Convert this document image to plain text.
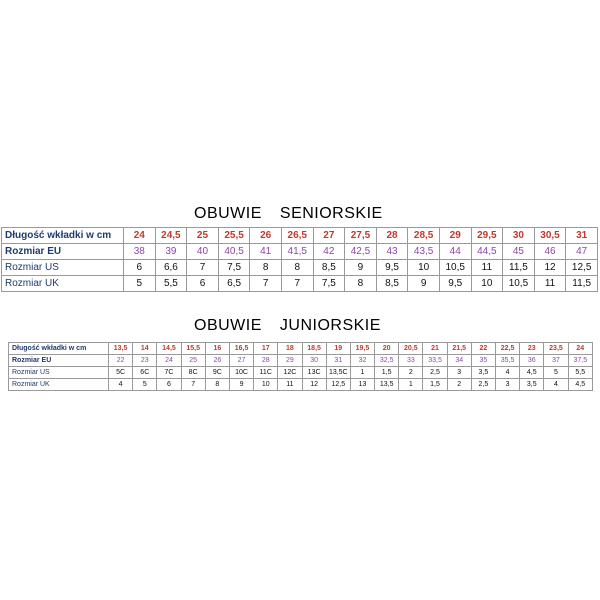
OBUWIE SENIORSKIE
Długość wkładki w cm	24	24,5	25	25,5	26	26,5	27	27,5	28	28,5	29	29,5	30	30,5	31
Rozmiar EU	38	39	40	40,5	41	41,5	42	42,5	43	43,5	44	44,5	45	46	47
Rozmiar US	6	6,6	7	7,5	8	8	8,5	9	9,5	10	10,5	11	11,5	12	12,5
Rozmiar UK	5	5,5	6	6,5	7	7	7,5	8	8,5	9	9,5	10	10,5	11	11,5
OBUWIE JUNIORSKIE
Długość wkładki w cm	13,5	14	14,5	15,5	16	16,5	17	18	18,5	19	19,5	20	20,5	21	21,5	22	22,5	23	23,5	24
Rozmiar EU	22	23	24	25	26	27	28	29	30	31	32	32,5	33	33,5	34	35	35,5	36	37	37,5
Rozmiar US	5C	6C	7C	8C	9C	10C	11C	12C	13C	13,5C	1	1,5	2	2,5	3	3,5	4	4,5	5	5,5
Rozmiar UK	4	5	6	7	8	9	10	11	12	12,5	13	13,5	1	1,5	2	2,5	3	3,5	4	4,5
